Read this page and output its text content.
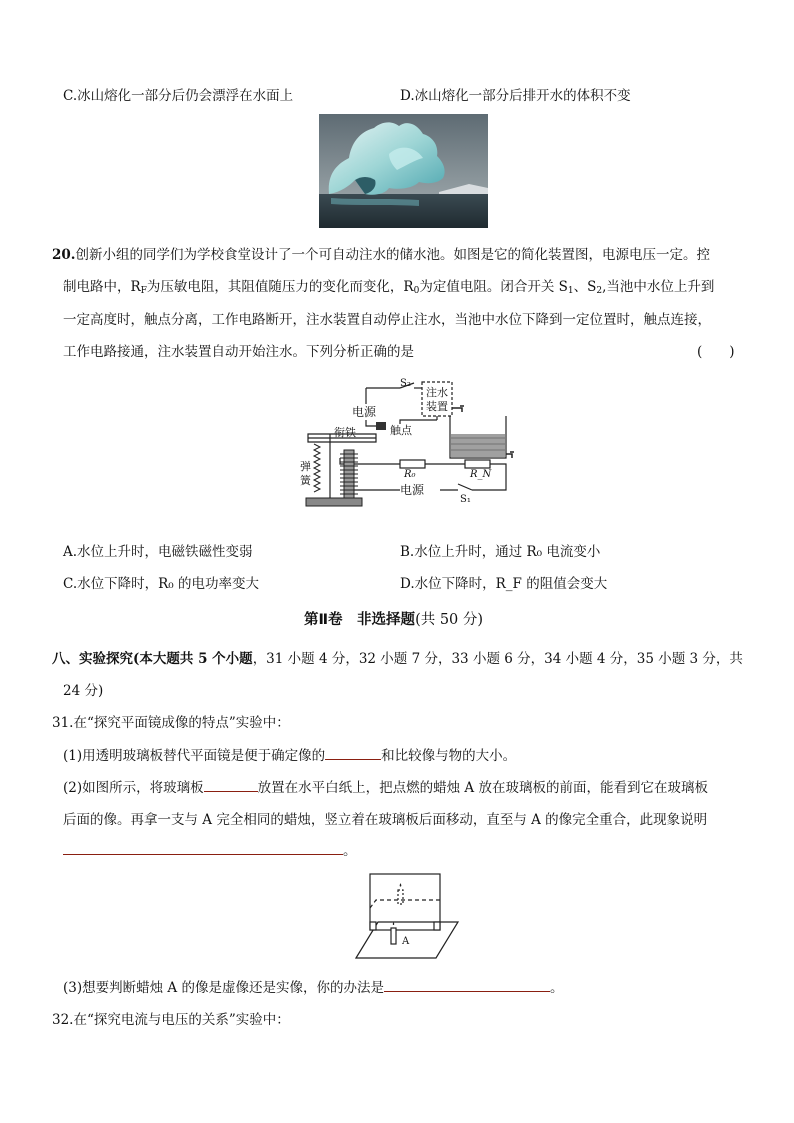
C.冰山熔化一部分后仍会漂浮在水面上	D.冰山熔化一部分后排开水的体积不变
20.创新小组的同学们为学校食堂设计了一个可自动注水的储水池。如图是它的简化装置图，电源电压一定。控
制电路中，$R_F$为压敏电阻，其阻值随压力的变化而变化，$R_0$为定值电阻。闭合开关 $S_1$、$S_2$,当池中水位上升到
一定高度时，触点分离，工作电路断开，注水装置自动停止注水，当池中水位下降到一定位置时，触点连接，
工作电路接通，注水装置自动开始注水。下列分析正确的是	(　　)
S₂
电源
注水
装置
衔铁	触点
弹
簧	R₀	R_N
电源
S₁
A.水位上升时，电磁铁磁性变弱	B.水位上升时，通过 R₀ 电流变小
C.水位下降时，R₀ 的电功率变大	D.水位下降时，R_F 的阻值会变大
第Ⅱ卷　非选择题(共 50 分)
八、实验探究(本大题共 5 个小题，31 小题 4 分，32 小题 7 分，33 小题 6 分，34 小题 4 分，35 小题 3 分，共
24 分)
31.在“探究平面镜成像的特点”实验中：
(1)用透明玻璃板替代平面镜是便于确定像的	和比较像与物的大小。
(2)如图所示，将玻璃板	放置在水平白纸上，把点燃的蜡烛 A 放在玻璃板的前面，能看到它在玻璃板
后面的像。再拿一支与 A 完全相同的蜡烛，竖立着在玻璃板后面移动，直至与 A 的像完全重合，此现象说明
。
A
(3)想要判断蜡烛 A 的像是虚像还是实像，你的办法是	。
32.在“探究电流与电压的关系”实验中：
